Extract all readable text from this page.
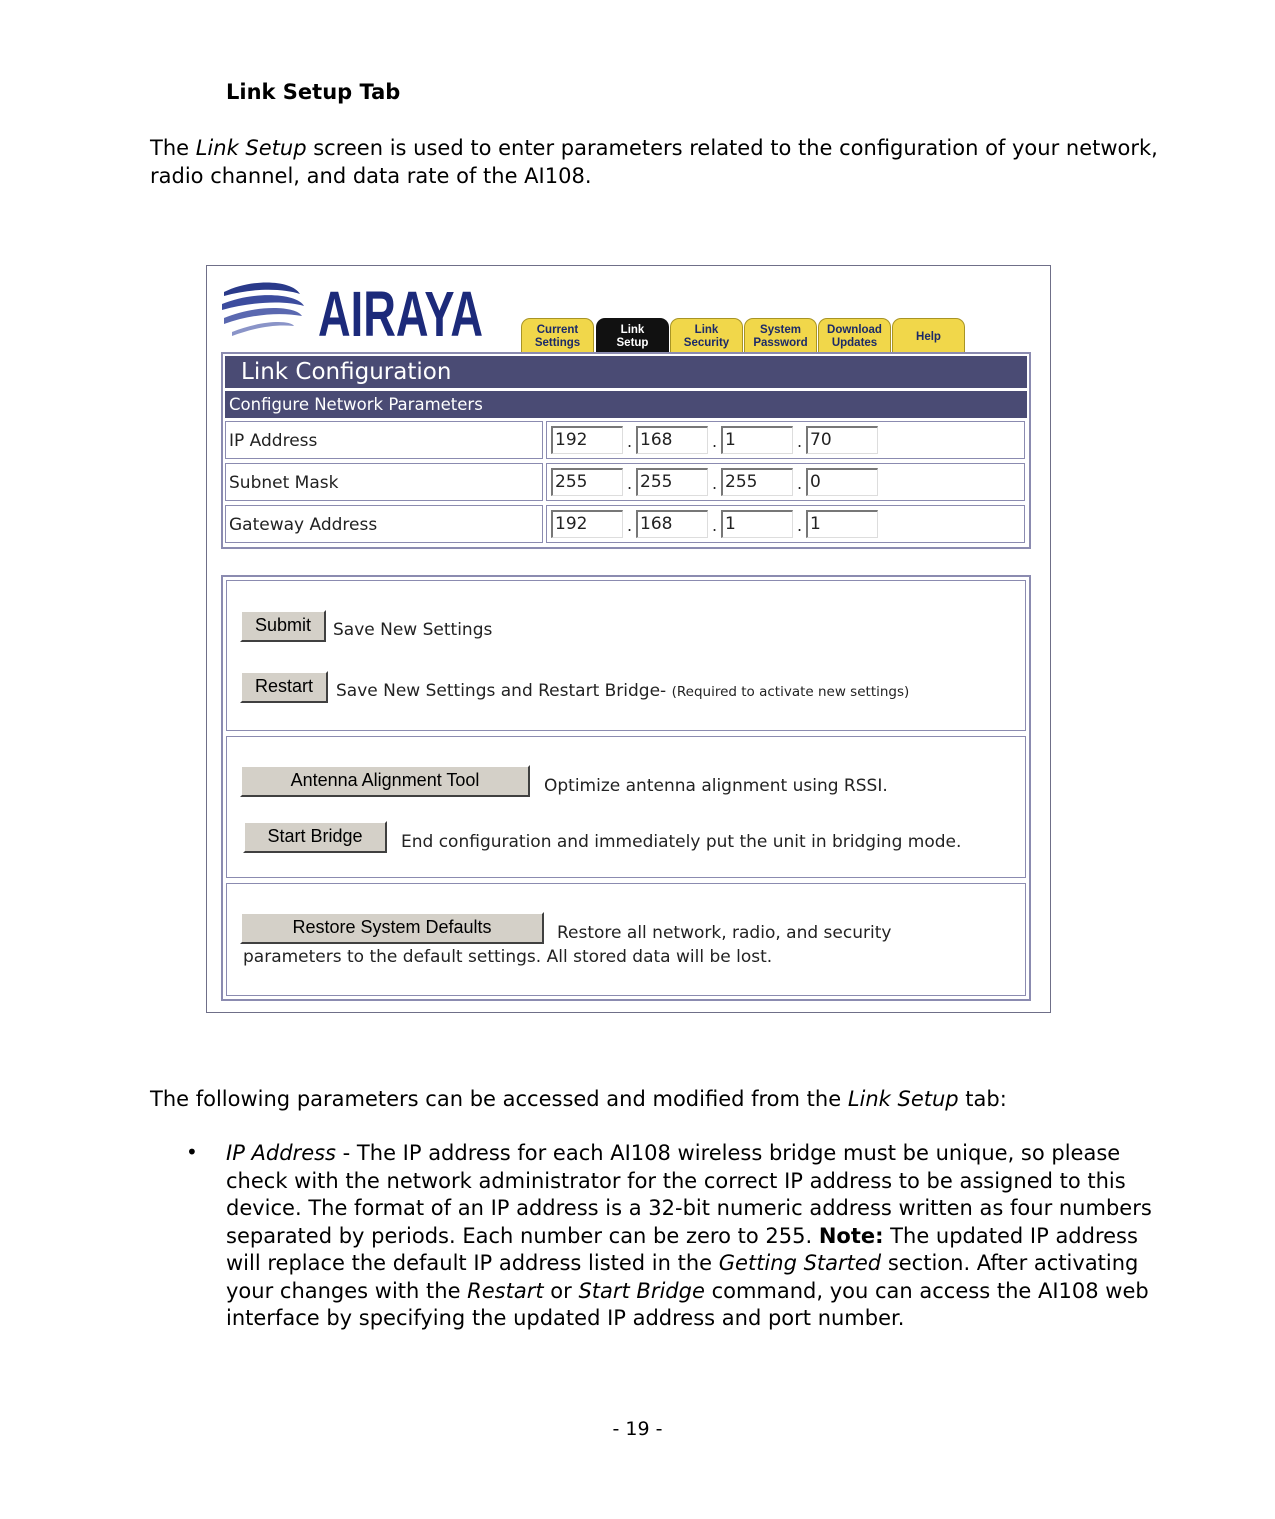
Link Setup Tab
The Link Setup screen is used to enter parameters related to the configuration of your network, radio channel, and data rate of the AI108.
AIRAYA	Current
Settings
Link
Setup
Link
Security
System
Password
Download
Updates	Help
Link Configuration
Configure Network Parameters
IP Address	192	. 168	. 1	. 70
Subnet Mask	255	. 255	. 255	. 0
Gateway Address	192	. 168	. 1	. 1
Submit	Save New Settings
Restart	Save New Settings and Restart Bridge- (Required to activate new settings)
Antenna Alignment Tool	Optimize antenna alignment using RSSI.
Start Bridge	End configuration and immediately put the unit in bridging mode.
Restore System Defaults	Restore all network, radio, and security
parameters to the default settings. All stored data will be lost.
The following parameters can be accessed and modified from the Link Setup tab:
• IP Address - The IP address for each AI108 wireless bridge must be unique, so please check with the network administrator for the correct IP address to be assigned to this device. The format of an IP address is a 32-bit numeric address written as four numbers separated by periods. Each number can be zero to 255. Note: The updated IP address will replace the default IP address listed in the Getting Started section. After activating your changes with the Restart or Start Bridge command, you can access the AI108 web interface by specifying the updated IP address and port number.
- 19 -
